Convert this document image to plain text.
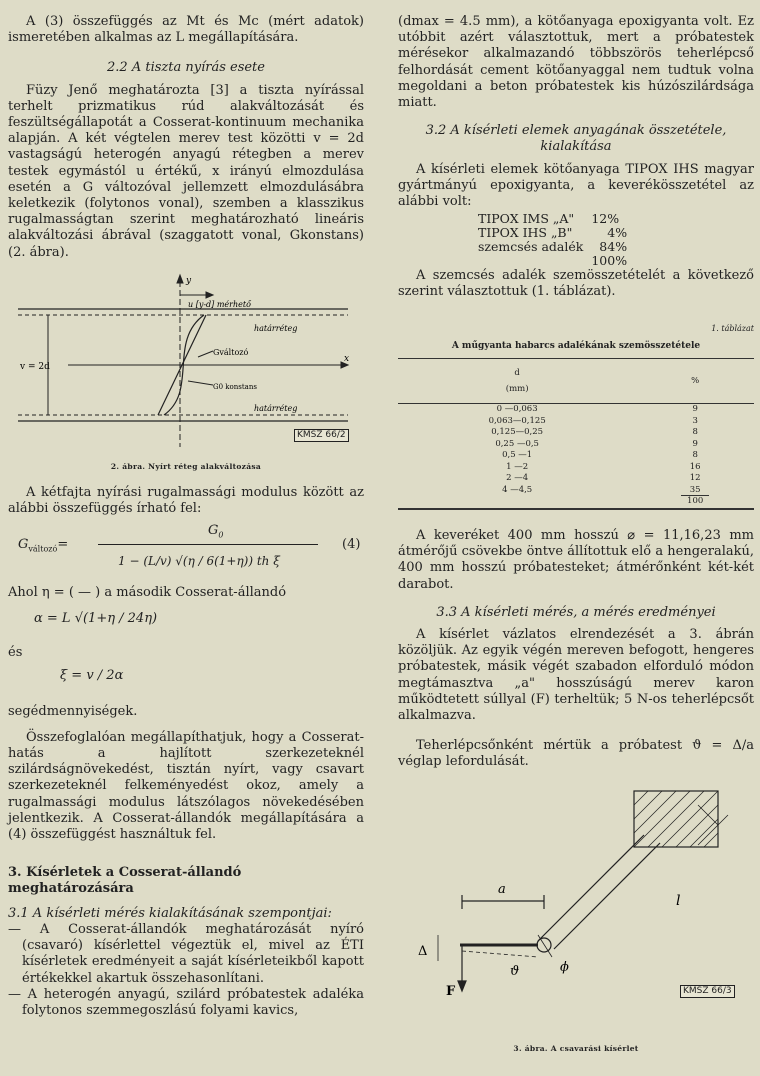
A (3) összefüggés az Mt és Mc (mért adatok) ismeretében alkalmas az L megállapítására.

2.2 A tiszta nyírás esete

Füzy Jenő meghatározta [3] a tiszta nyírással terhelt prizmatikus rúd alakváltozását és feszültségállapotát a Cosserat-kontinuum mechanika alapján. A két végtelen merev test közötti v = 2d vastagságú heterogén anyagú rétegben a merev testek egymástól u értékű, x irányú elmozdulása esetén a G változóval jellemzett elmozdulásábra keletkezik (folytonos vonal), szemben a klasszikus rugalmasságtan szerint meghatározható lineáris alakváltozási ábrával (szaggatott vonal, Gkonstans) (2. ábra).

u [y-d] mérhető
y
x
határréteg
határréteg
v = 2d
Gváltozó
G0 konstans
KMSZ 66/2
2. ábra. Nyírt réteg alakváltozása

A kétfajta nyírási rugalmassági modulus között az alábbi összefüggés írható fel:

$G_{változó}=$
$G_0$
1 − (L/v) √(η / 6(1+η)) th ξ
(4)

Ahol η = ( — ) a második Cosserat-állandó

α = L √(1+η / 24η)

és

ξ = v / 2α

segédmennyiségek.

Összefoglalóan megállapíthatjuk, hogy a Cosserat-hatás a hajlított szerkezeteknél szilárdságnövekedést, tisztán nyírt, vagy csavart szerkezeteknél felkeményedést okoz, amely a rugalmassági modulus látszólagos növekedésében jelentkezik. A Cosserat-állandók megállapítására a (4) összefüggést használtuk fel.

3. Kísérletek a Cosserat-állandó meghatározására

3.1 A kísérleti mérés kialakításának szempontjai:

— A Cosserat-állandók meghatározását nyíró (csavaró) kísérlettel végeztük el, mivel az ÉTI kísérletek eredményeit a saját kísérleteikből kapott értékekkel akartuk összehasonlítani.

— A heterogén anyagú, szilárd próbatestek adaléka folytonos szemmegoszlású folyami kavics,

(dmax = 4.5 mm), a kötőanyaga epoxigyanta volt. Ez utóbbit azért választottuk, mert a próbatestek mérésekor alkalmazandó többszörös teherlépcső felhordását cement kötőanyaggal nem tudtuk volna megoldani a beton próbatestek kis húzószilárdsága miatt.

3.2 A kísérleti elemek anyagának összetétele, kialakítása

A kísérleti elemek kötőanyaga TIPOX IHS magyar gyártmányú epoxigyanta, a keverékösszetétel az alábbi volt:

TIPOX IMS „A"	12%
TIPOX IHS „B"	4%
szemcsés adalék	84%
	100%

A szemcsés adalék szemösszetételét a következő szerint választottuk (1. táblázat).

1. táblázat
A műgyanta habarcs adalékának szemösszetétele
d
(mm)	%
0 —0,063	9
0,063—0,125	3
0,125—0,25	8
0,25 —0,5	9
0,5 —1	8
1 —2	16
2 —4	12
4 —4,5	35
	100

A keveréket 400 mm hosszú ⌀ = 11,16,23 mm átmérőjű csövekbe öntve állítottuk elő a hengeralakú, 400 mm hosszú próbatesteket; átmérőnként két-két darabot.

3.3 A kísérleti mérés, a mérés eredményei

A kísérlet vázlatos elrendezését a 3. ábrán közöljük. Az egyik végén mereven befogott, hengeres próbatestek, másik végét szabadon elforduló módon megtámasztva „a" hosszúságú merev karon működtetett súllyal (F) terheltük; 5 N-os teherlépcsőt alkalmazva.

Teherlépcsőnként mértük a próbatest ϑ = Δ/a véglap lefordulását.

a
l
Δ
F
ϑ	ϕ
KMSZ 66/3
3. ábra. A csavarási kísérlet
